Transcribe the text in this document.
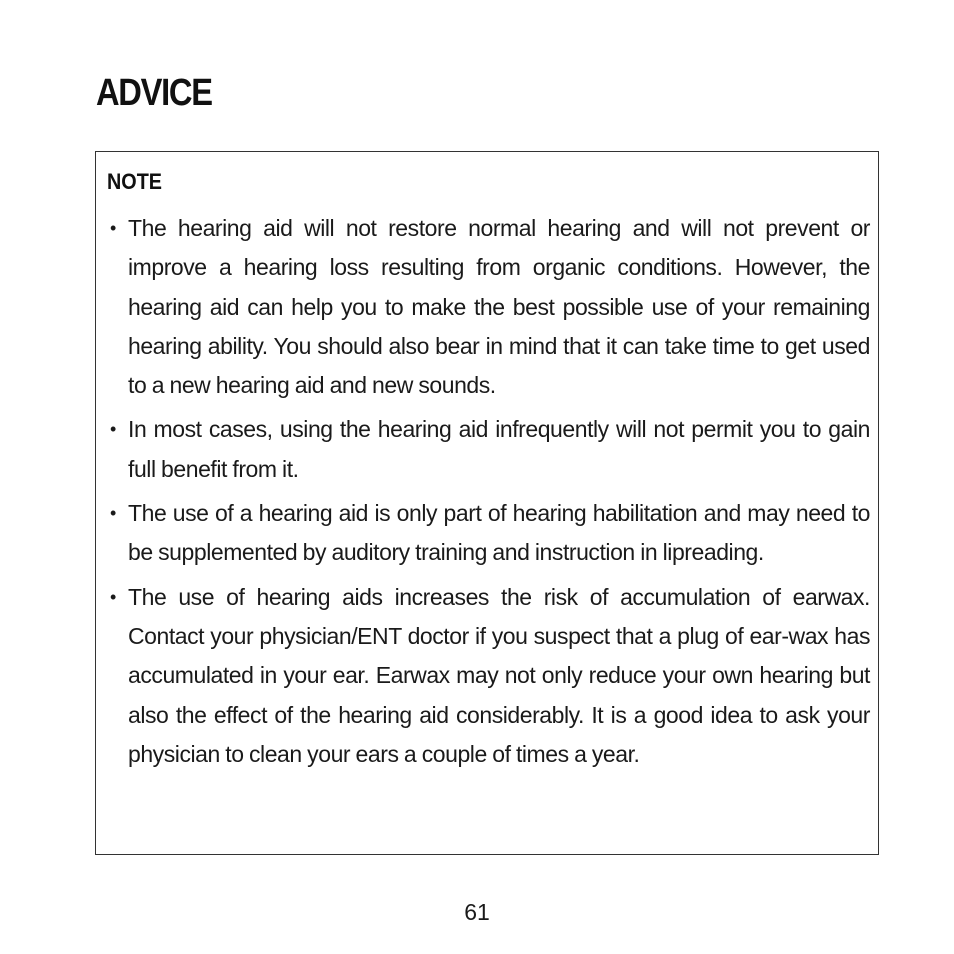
ADVICE
NOTE
• The hearing aid will not restore normal hearing and will not prevent or improve a hearing loss resulting from organic conditions. However, the hearing aid can help you to make the best possible use of your remaining hearing ability. You should also bear in mind that it can take time to get used to a new hearing aid and new sounds.
• In most cases, using the hearing aid infrequently will not permit you to gain full benefit from it.
• The use of a hearing aid is only part of hearing habilitation and may need to be supplemented by auditory training and instruction in lipreading.
• The use of hearing aids increases the risk of accumulation of earwax. Contact your physician/ENT doctor if you suspect that a plug of ear-wax has accumulated in your ear. Earwax may not only reduce your own hearing but also the effect of the hearing aid considerably. It is a good idea to ask your physician to clean your ears a couple of times a year.
61
